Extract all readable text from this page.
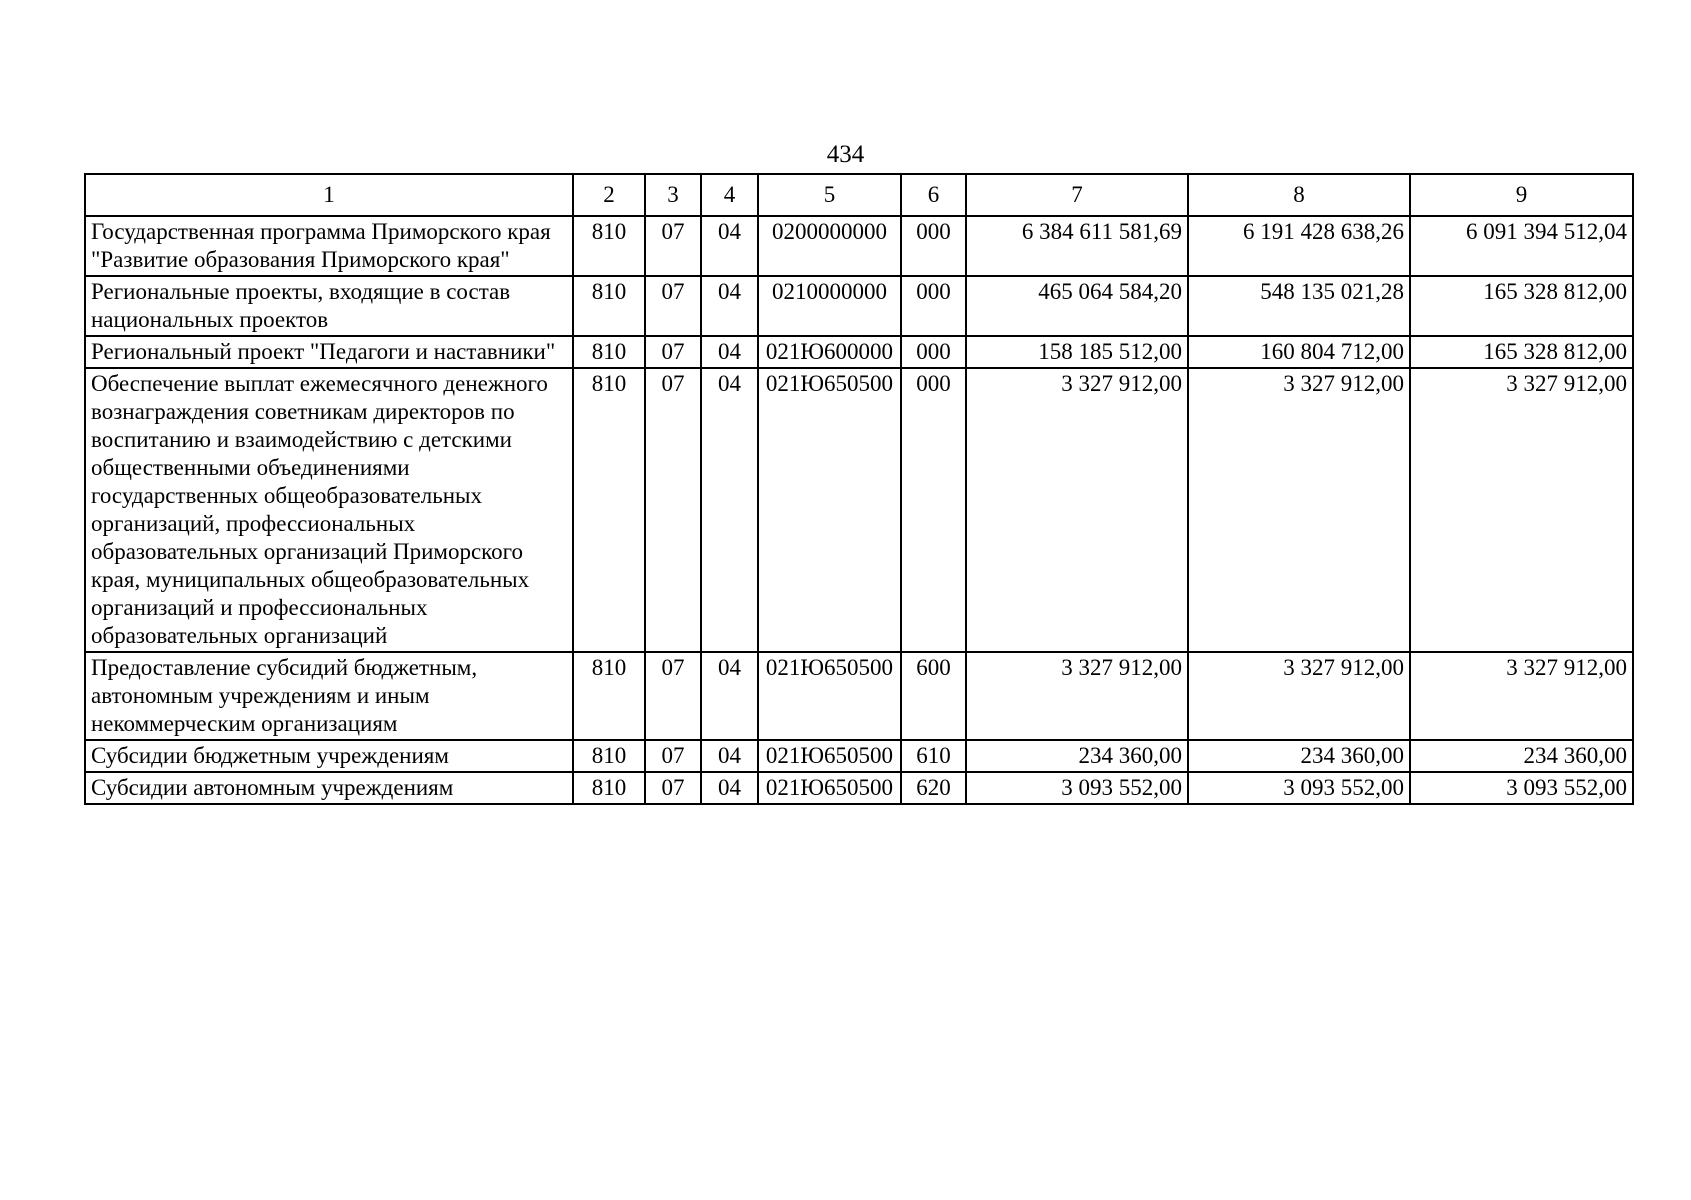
434
1	2	3	4	5	6	7	8	9
Государственная программа Приморского края "Развитие образования Приморского края"	810	07	04	0200000000	000	6 384 611 581,69	6 191 428 638,26	6 091 394 512,04
Региональные проекты, входящие в состав национальных проектов	810	07	04	0210000000	000	465 064 584,20	548 135 021,28	165 328 812,00
Региональный проект "Педагоги и наставники"	810	07	04	021Ю600000	000	158 185 512,00	160 804 712,00	165 328 812,00
Обеспечение выплат ежемесячного денежного вознаграждения советникам директоров по воспитанию и взаимодействию с детскими общественными объединениями государственных общеобразовательных организаций, профессиональных образовательных организаций Приморского края, муниципальных общеобразовательных организаций и профессиональных образовательных организаций	810	07	04	021Ю650500	000	3 327 912,00	3 327 912,00	3 327 912,00
Предоставление субсидий бюджетным, автономным учреждениям и иным некоммерческим организациям	810	07	04	021Ю650500	600	3 327 912,00	3 327 912,00	3 327 912,00
Субсидии бюджетным учреждениям	810	07	04	021Ю650500	610	234 360,00	234 360,00	234 360,00
Субсидии автономным учреждениям	810	07	04	021Ю650500	620	3 093 552,00	3 093 552,00	3 093 552,00
